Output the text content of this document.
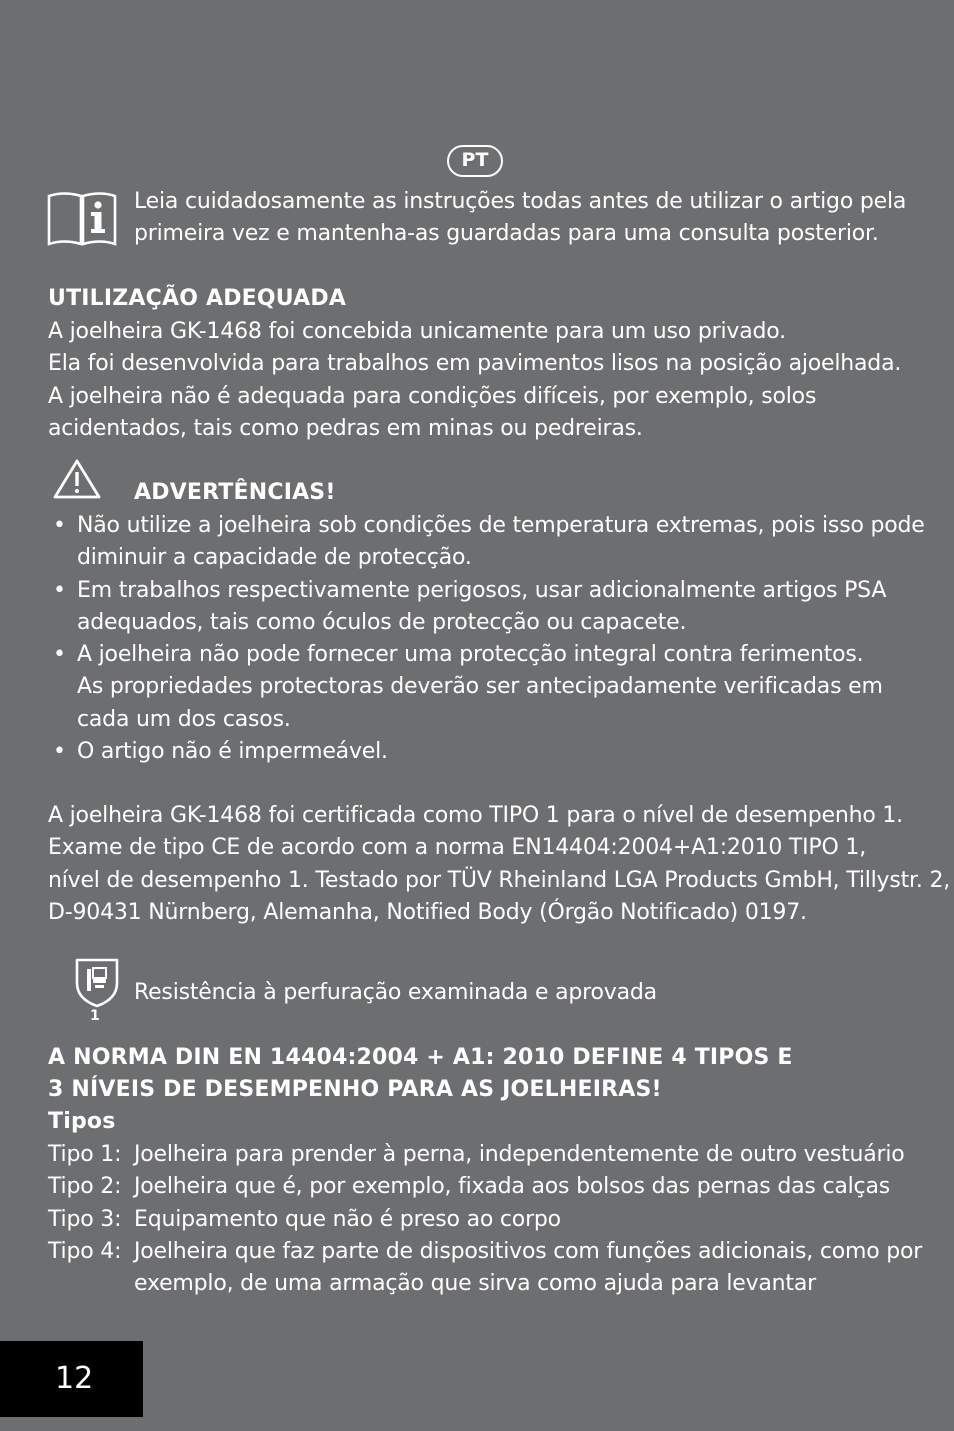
PT
Leia cuidadosamente as instruções todas antes de utilizar o artigo pela
primeira vez e mantenha-as guardadas para uma consulta posterior.
UTILIZAÇÃO ADEQUADA
A joelheira GK-1468 foi concebida unicamente para um uso privado.
Ela foi desenvolvida para trabalhos em pavimentos lisos na posição ajoelhada.
A joelheira não é adequada para condições difíceis, por exemplo, solos
acidentados, tais como pedras em minas ou pedreiras.
ADVERTÊNCIAS!
• Não utilize a joelheira sob condições de temperatura extremas, pois isso pode
diminuir a capacidade de protecção.
• Em trabalhos respectivamente perigosos, usar adicionalmente artigos PSA
adequados, tais como óculos de protecção ou capacete.
• A joelheira não pode fornecer uma protecção integral contra ferimentos.
As propriedades protectoras deverão ser antecipadamente verificadas em
cada um dos casos.
• O artigo não é impermeável.
A joelheira GK-1468 foi certificada como TIPO 1 para o nível de desempenho 1.
Exame de tipo CE de acordo com a norma EN14404:2004+A1:2010 TIPO 1,
nível de desempenho 1. Testado por TÜV Rheinland LGA Products GmbH, Tillystr. 2,
D-90431 Nürnberg, Alemanha, Notified Body (Órgão Notificado) 0197.
1
Resistência à perfuração examinada e aprovada
A NORMA DIN EN 14404:2004 + A1: 2010 DEFINE 4 TIPOS E
3 NÍVEIS DE DESEMPENHO PARA AS JOELHEIRAS!
Tipos
Tipo 1: Joelheira para prender à perna, independentemente de outro vestuário
Tipo 2: Joelheira que é, por exemplo, fixada aos bolsos das pernas das calças
Tipo 3: Equipamento que não é preso ao corpo
Tipo 4: Joelheira que faz parte de dispositivos com funções adicionais, como por
exemplo, de uma armação que sirva como ajuda para levantar
12
